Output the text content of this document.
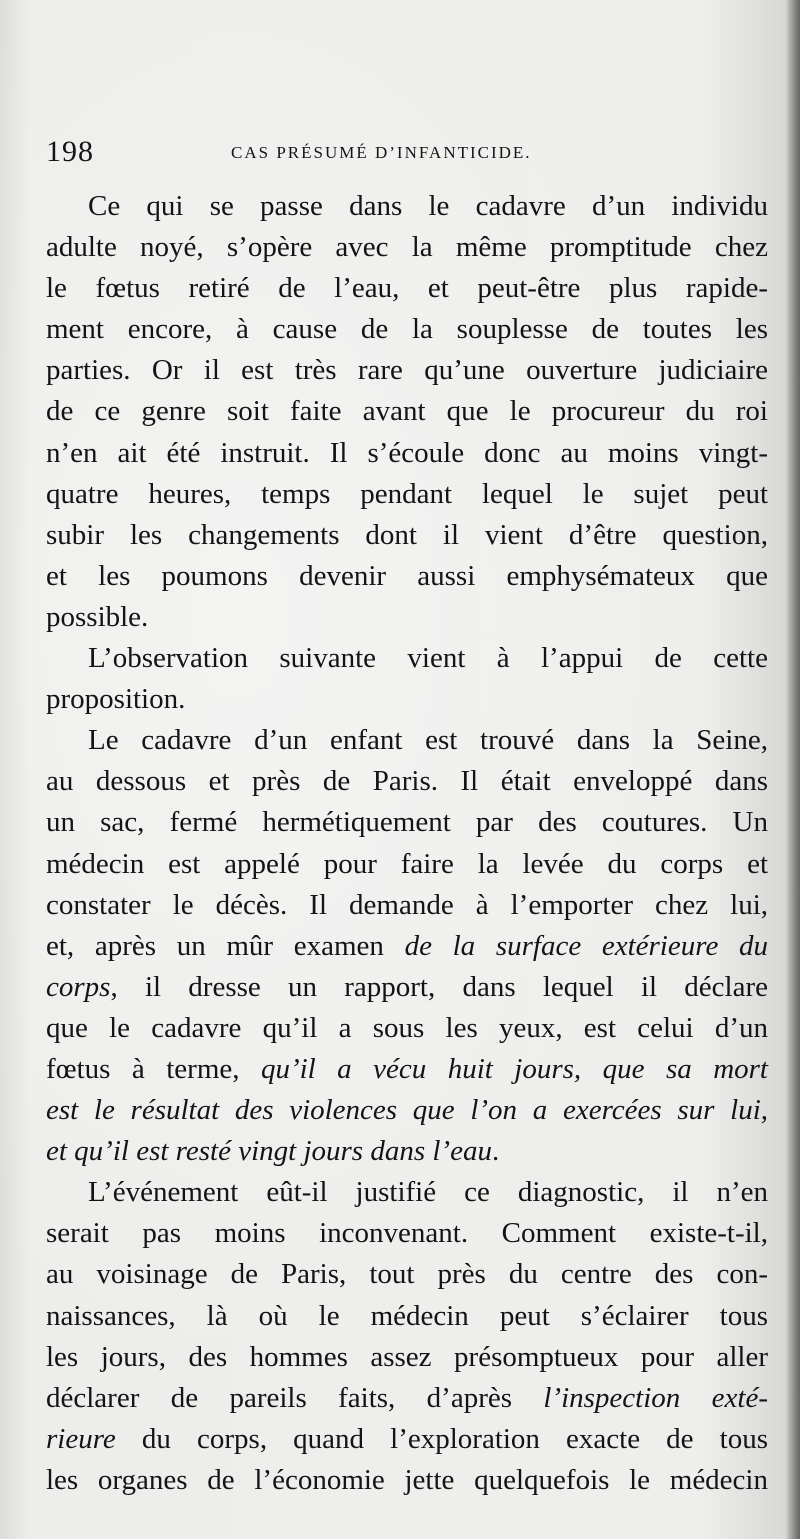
198	CAS PRÉSUMÉ D’INFANTICIDE.
Ce qui se passe dans le cadavre d’un individu
adulte noyé, s’opère avec la même promptitude chez
le fœtus retiré de l’eau, et peut-être plus rapide-
ment encore, à cause de la souplesse de toutes les
parties. Or il est très rare qu’une ouverture judiciaire
de ce genre soit faite avant que le procureur du roi
n’en ait été instruit. Il s’écoule donc au moins vingt-
quatre heures, temps pendant lequel le sujet peut
subir les changements dont il vient d’être question,
et les poumons devenir aussi emphysémateux que
possible.
L’observation suivante vient à l’appui de cette
proposition.
Le cadavre d’un enfant est trouvé dans la Seine,
au dessous et près de Paris. Il était enveloppé dans
un sac, fermé hermétiquement par des coutures. Un
médecin est appelé pour faire la levée du corps et
constater le décès. Il demande à l’emporter chez lui,
et, après un mûr examen de la surface extérieure du
corps, il dresse un rapport, dans lequel il déclare
que le cadavre qu’il a sous les yeux, est celui d’un
fœtus à terme, qu’il a vécu huit jours, que sa mort
est le résultat des violences que l’on a exercées sur lui,
et qu’il est resté vingt jours dans l’eau.
L’événement eût-il justifié ce diagnostic, il n’en
serait pas moins inconvenant. Comment existe-t-il,
au voisinage de Paris, tout près du centre des con-
naissances, là où le médecin peut s’éclairer tous
les jours, des hommes assez présomptueux pour aller
déclarer de pareils faits, d’après l’inspection exté-
rieure du corps, quand l’exploration exacte de tous
les organes de l’économie jette quelquefois le médecin
